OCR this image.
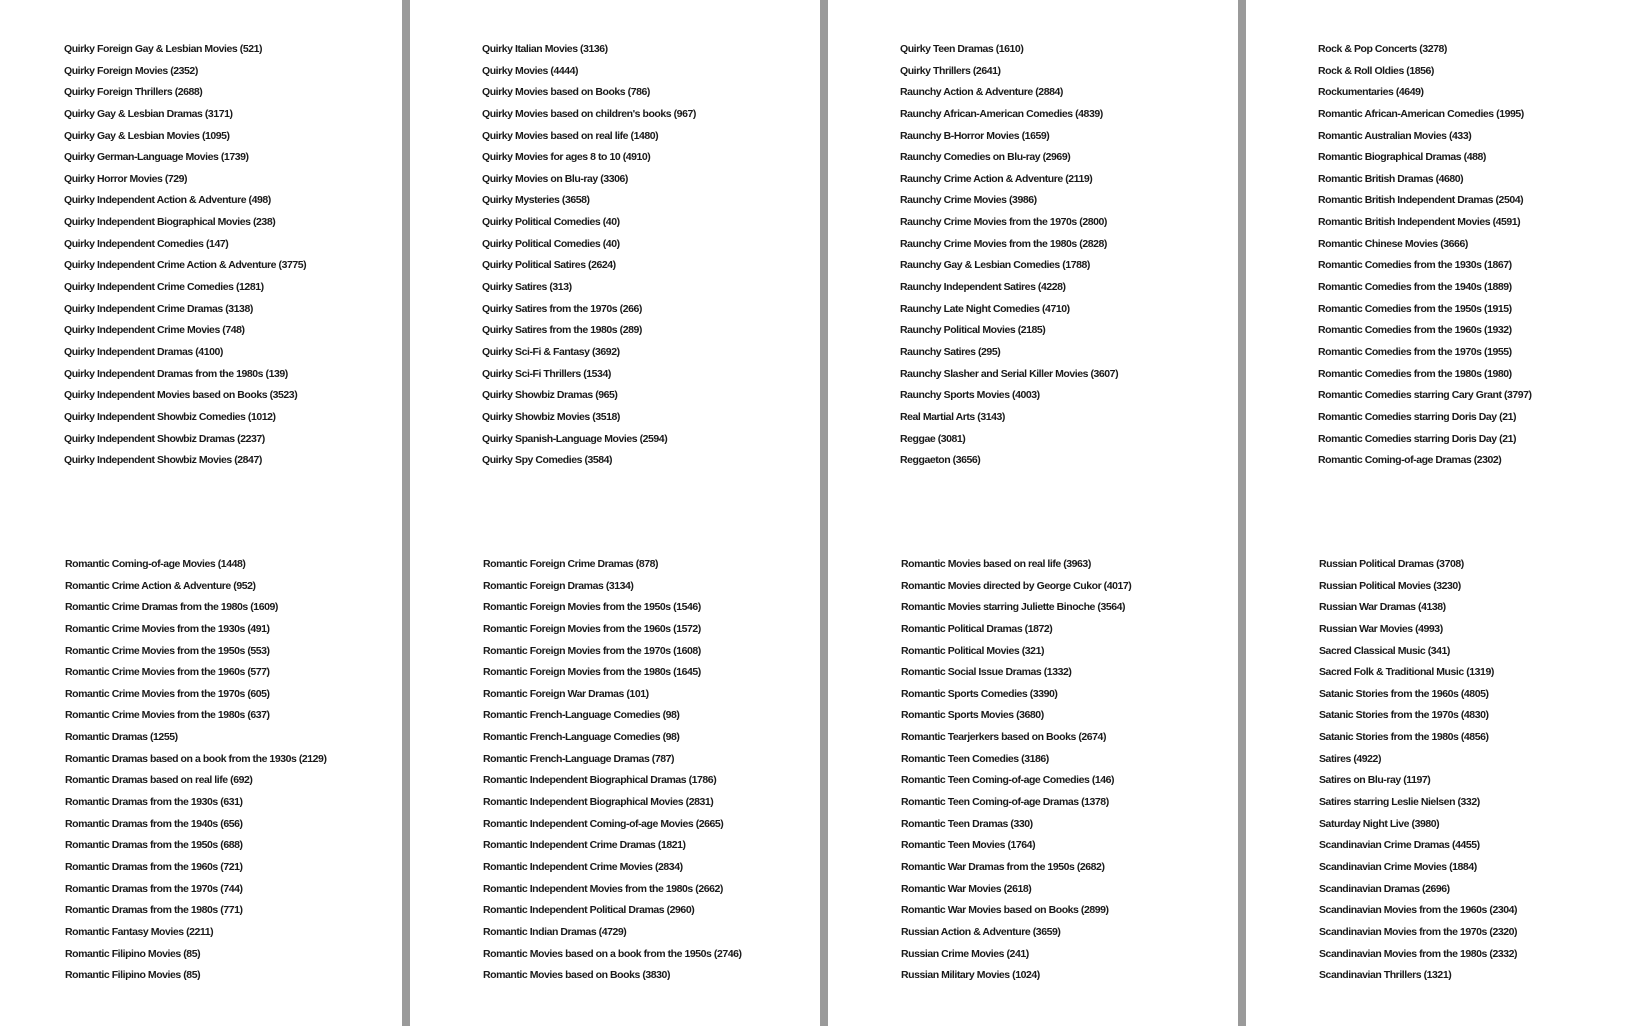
Quirky Foreign Gay & Lesbian Movies (521)
Quirky Foreign Movies (2352)
Quirky Foreign Thrillers (2688)
Quirky Gay & Lesbian Dramas (3171)
Quirky Gay & Lesbian Movies (1095)
Quirky German-Language Movies (1739)
Quirky Horror Movies (729)
Quirky Independent Action & Adventure (498)
Quirky Independent Biographical Movies (238)
Quirky Independent Comedies (147)
Quirky Independent Crime Action & Adventure (3775)
Quirky Independent Crime Comedies (1281)
Quirky Independent Crime Dramas (3138)
Quirky Independent Crime Movies (748)
Quirky Independent Dramas (4100)
Quirky Independent Dramas from the 1980s (139)
Quirky Independent Movies based on Books (3523)
Quirky Independent Showbiz Comedies (1012)
Quirky Independent Showbiz Dramas (2237)
Quirky Independent Showbiz Movies (2847)
Quirky Italian Movies (3136)
Quirky Movies (4444)
Quirky Movies based on Books (786)
Quirky Movies based on children's books (967)
Quirky Movies based on real life (1480)
Quirky Movies for ages 8 to 10 (4910)
Quirky Movies on Blu-ray (3306)
Quirky Mysteries (3658)
Quirky Political Comedies (40)
Quirky Political Comedies (40)
Quirky Political Satires (2624)
Quirky Satires (313)
Quirky Satires from the 1970s (266)
Quirky Satires from the 1980s (289)
Quirky Sci-Fi & Fantasy (3692)
Quirky Sci-Fi Thrillers (1534)
Quirky Showbiz Dramas (965)
Quirky Showbiz Movies (3518)
Quirky Spanish-Language Movies (2594)
Quirky Spy Comedies (3584)
Quirky Teen Dramas (1610)
Quirky Thrillers (2641)
Raunchy Action & Adventure (2884)
Raunchy African-American Comedies (4839)
Raunchy B-Horror Movies (1659)
Raunchy Comedies on Blu-ray (2969)
Raunchy Crime Action & Adventure (2119)
Raunchy Crime Movies (3986)
Raunchy Crime Movies from the 1970s (2800)
Raunchy Crime Movies from the 1980s (2828)
Raunchy Gay & Lesbian Comedies (1788)
Raunchy Independent Satires (4228)
Raunchy Late Night Comedies (4710)
Raunchy Political Movies (2185)
Raunchy Satires (295)
Raunchy Slasher and Serial Killer Movies (3607)
Raunchy Sports Movies (4003)
Real Martial Arts (3143)
Reggae (3081)
Reggaeton (3656)
Rock & Pop Concerts (3278)
Rock & Roll Oldies (1856)
Rockumentaries (4649)
Romantic African-American Comedies (1995)
Romantic Australian Movies (433)
Romantic Biographical Dramas (488)
Romantic British Dramas (4680)
Romantic British Independent Dramas (2504)
Romantic British Independent Movies (4591)
Romantic Chinese Movies (3666)
Romantic Comedies from the 1930s (1867)
Romantic Comedies from the 1940s (1889)
Romantic Comedies from the 1950s (1915)
Romantic Comedies from the 1960s (1932)
Romantic Comedies from the 1970s (1955)
Romantic Comedies from the 1980s (1980)
Romantic Comedies starring Cary Grant (3797)
Romantic Comedies starring Doris Day (21)
Romantic Comedies starring Doris Day (21)
Romantic Coming-of-age Dramas (2302)
Romantic Coming-of-age Movies (1448)
Romantic Crime Action & Adventure (952)
Romantic Crime Dramas from the 1980s (1609)
Romantic Crime Movies from the 1930s (491)
Romantic Crime Movies from the 1950s (553)
Romantic Crime Movies from the 1960s (577)
Romantic Crime Movies from the 1970s (605)
Romantic Crime Movies from the 1980s (637)
Romantic Dramas (1255)
Romantic Dramas based on a book from the 1930s (2129)
Romantic Dramas based on real life (692)
Romantic Dramas from the 1930s (631)
Romantic Dramas from the 1940s (656)
Romantic Dramas from the 1950s (688)
Romantic Dramas from the 1960s (721)
Romantic Dramas from the 1970s (744)
Romantic Dramas from the 1980s (771)
Romantic Fantasy Movies (2211)
Romantic Filipino Movies (85)
Romantic Filipino Movies (85)
Romantic Foreign Crime Dramas (878)
Romantic Foreign Dramas (3134)
Romantic Foreign Movies from the 1950s (1546)
Romantic Foreign Movies from the 1960s (1572)
Romantic Foreign Movies from the 1970s (1608)
Romantic Foreign Movies from the 1980s (1645)
Romantic Foreign War Dramas (101)
Romantic French-Language Comedies (98)
Romantic French-Language Comedies (98)
Romantic French-Language Dramas (787)
Romantic Independent Biographical Dramas (1786)
Romantic Independent Biographical Movies (2831)
Romantic Independent Coming-of-age Movies (2665)
Romantic Independent Crime Dramas (1821)
Romantic Independent Crime Movies (2834)
Romantic Independent Movies from the 1980s (2662)
Romantic Independent Political Dramas (2960)
Romantic Indian Dramas (4729)
Romantic Movies based on a book from the 1950s (2746)
Romantic Movies based on Books (3830)
Romantic Movies based on real life (3963)
Romantic Movies directed by George Cukor (4017)
Romantic Movies starring Juliette Binoche (3564)
Romantic Political Dramas (1872)
Romantic Political Movies (321)
Romantic Social Issue Dramas (1332)
Romantic Sports Comedies (3390)
Romantic Sports Movies (3680)
Romantic Tearjerkers based on Books (2674)
Romantic Teen Comedies (3186)
Romantic Teen Coming-of-age Comedies (146)
Romantic Teen Coming-of-age Dramas (1378)
Romantic Teen Dramas (330)
Romantic Teen Movies (1764)
Romantic War Dramas from the 1950s (2682)
Romantic War Movies (2618)
Romantic War Movies based on Books (2899)
Russian Action & Adventure (3659)
Russian Crime Movies (241)
Russian Military Movies (1024)
Russian Political Dramas (3708)
Russian Political Movies (3230)
Russian War Dramas (4138)
Russian War Movies (4993)
Sacred Classical Music (341)
Sacred Folk & Traditional Music (1319)
Satanic Stories from the 1960s (4805)
Satanic Stories from the 1970s (4830)
Satanic Stories from the 1980s (4856)
Satires (4922)
Satires on Blu-ray (1197)
Satires starring Leslie Nielsen (332)
Saturday Night Live (3980)
Scandinavian Crime Dramas (4455)
Scandinavian Crime Movies (1884)
Scandinavian Dramas (2696)
Scandinavian Movies from the 1960s (2304)
Scandinavian Movies from the 1970s (2320)
Scandinavian Movies from the 1980s (2332)
Scandinavian Thrillers (1321)
